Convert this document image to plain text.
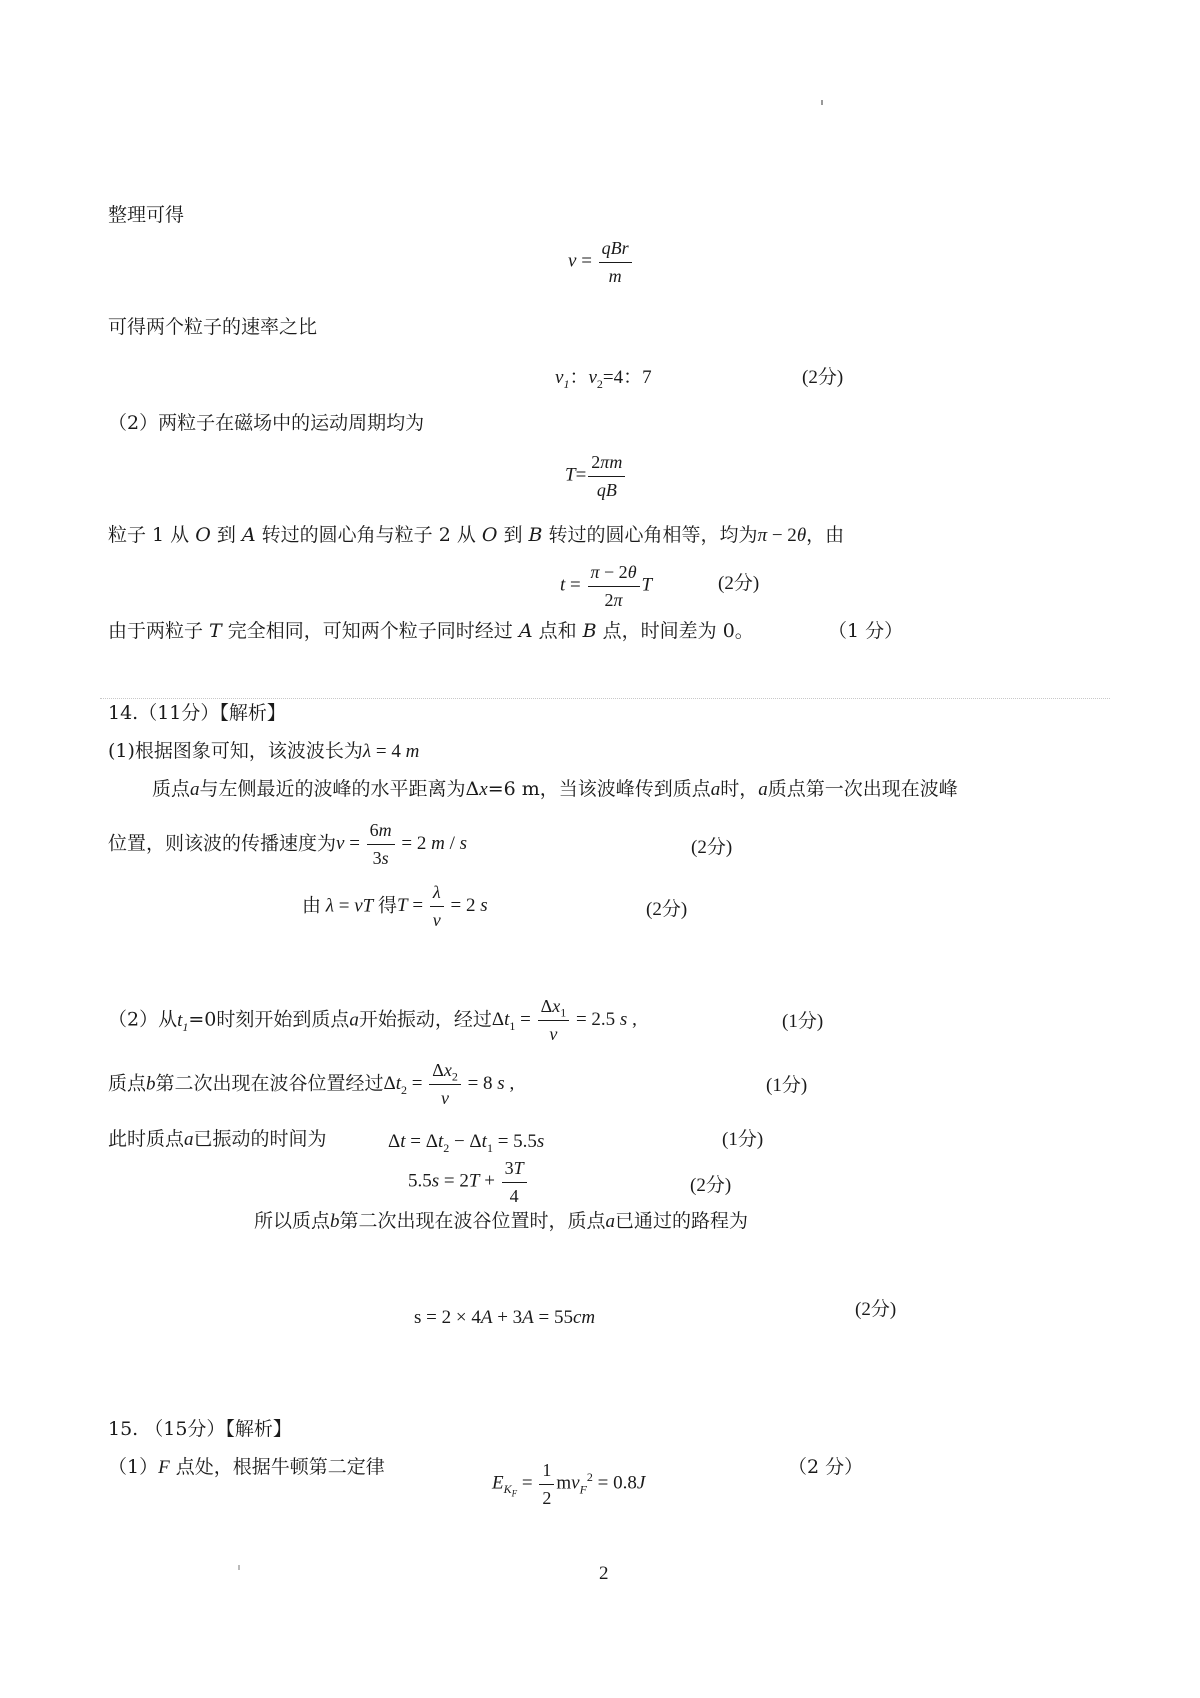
整理可得
$v = \frac{\text{qBr}}{m}$
可得两个粒子的速率之比
$v_1$：$v_2=4$：7	(2分)
（2）两粒子在磁场中的运动周期均为
$T= \frac{2\pi m}{qB}$
粒子 1 从 O 到 A 转过的圆心角与粒子 2 从 O 到 B 转过的圆心角相等，均为π − 2θ，由
$t = \frac{\pi - 2\theta}{2\pi}$ T	(2分)
由于两粒子 T 完全相同，可知两个粒子同时经过 A 点和 B 点，时间差为 0。	（1 分）
14.（11分）【解析】
(1)根据图象可知，该波波长为λ = 4 m
质点a与左侧最近的波峰的水平距离为Δx=6 m，当该波峰传到质点a时，a质点第一次出现在波峰
位置，则该波的传播速度为$v = \frac{6m}{3s} = 2$ m / s	(2分)
由 λ = vT 得$T = \frac{\lambda}{v} = 2$ s	(2分)
（2）从$t_1=0$时刻开始到质点a开始振动，经过$\Delta t_1 = \frac{\Delta x_1}{v} = 2.5$ s ,	(1分)
质点b第二次出现在波谷位置经过$\Delta t_2 = \frac{\Delta x_2}{v} = 8$ s ,	(1分)
此时质点a已振动的时间为	$\Delta t = \Delta t_2 - \Delta t_1 = 5.5s$	(1分)
$5.5s = 2T + \frac{3T}{4}$	(2分)
所以质点b第二次出现在波谷位置时，质点a已通过的路程为
s = 2 × 4A + 3A = 55cm	(2分)
15. （15分）【解析】
（1）F 点处，根据牛顿第二定律
$E_{K_F} = \frac{1}{2} mv_F^2 = 0.8J$
（2 分）
2
